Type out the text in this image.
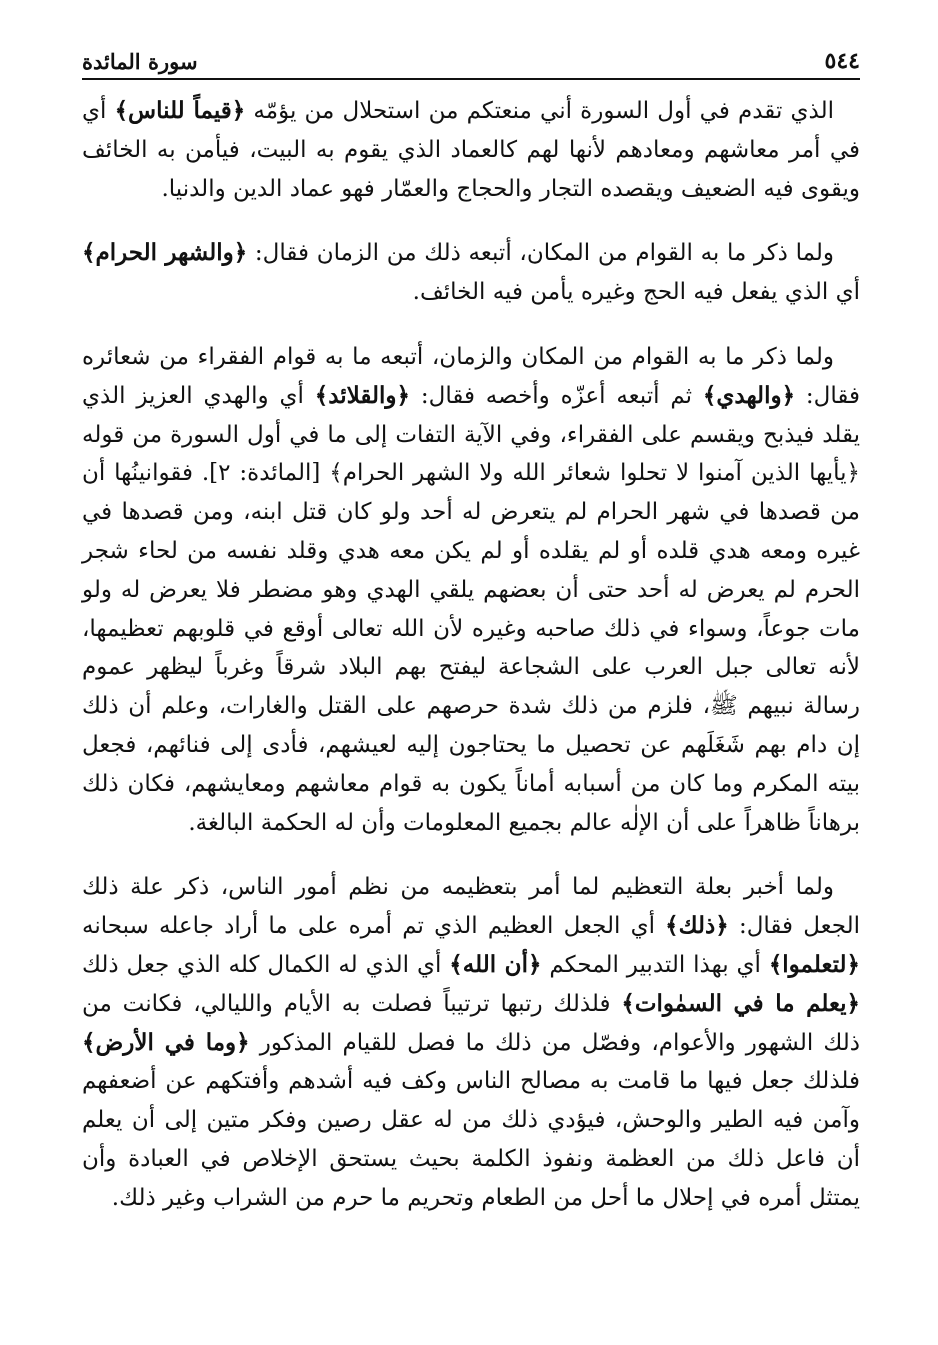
سورة المائدة	٥٤٤

الذي تقدم في أول السورة أني منعتكم من استحلال من يؤمّه ﴿قيماً للناس﴾ أي في أمر معاشهم ومعادهم لأنها لهم كالعماد الذي يقوم به البيت، فيأمن به الخائف ويقوى فيه الضعيف ويقصده التجار والحجاج والعمّار فهو عماد الدين والدنيا.

ولما ذكر ما به القوام من المكان، أتبعه ذلك من الزمان فقال: ﴿والشهر الحرام﴾ أي الذي يفعل فيه الحج وغيره يأمن فيه الخائف.

ولما ذكر ما به القوام من المكان والزمان، أتبعه ما به قوام الفقراء من شعائره فقال: ﴿والهدي﴾ ثم أتبعه أعزّه وأخصه فقال: ﴿والقلائد﴾ أي والهدي العزيز الذي يقلد فيذبح ويقسم على الفقراء، وفي الآية التفات إلى ما في أول السورة من قوله ﴿يأيها الذين آمنوا لا تحلوا شعائر الله ولا الشهر الحرام﴾ [المائدة: ٢]. فقوانينُها أن من قصدها في شهر الحرام لم يتعرض له أحد ولو كان قتل ابنه، ومن قصدها في غيره ومعه هدي قلده أو لم يقلده أو لم يكن معه هدي وقلد نفسه من لحاء شجر الحرم لم يعرض له أحد حتى أن بعضهم يلقي الهدي وهو مضطر فلا يعرض له ولو مات جوعاً، وسواء في ذلك صاحبه وغيره لأن الله تعالى أوقع في قلوبهم تعظيمها، لأنه تعالى جبل العرب على الشجاعة ليفتح بهم البلاد شرقاً وغرباً ليظهر عموم رسالة نبيهم ﷺ، فلزم من ذلك شدة حرصهم على القتل والغارات، وعلم أن ذلك إن دام بهم شَغَلَهم عن تحصيل ما يحتاجون إليه لعيشهم، فأدى إلى فنائهم، فجعل بيته المكرم وما كان من أسبابه أماناً يكون به قوام معاشهم ومعايشهم، فكان ذلك برهاناً ظاهراً على أن الإلٰه عالم بجميع المعلومات وأن له الحكمة البالغة.

ولما أخبر بعلة التعظيم لما أمر بتعظيمه من نظم أمور الناس، ذكر علة ذلك الجعل فقال: ﴿ذلك﴾ أي الجعل العظيم الذي تم أمره على ما أراد جاعله سبحانه ﴿لتعلموا﴾ أي بهذا التدبير المحكم ﴿أن الله﴾ أي الذي له الكمال كله الذي جعل ذلك ﴿يعلم ما في السمٰوات﴾ فلذلك رتبها ترتيباً فصلت به الأيام والليالي، فكانت من ذلك الشهور والأعوام، وفصّل من ذلك ما فصل للقيام المذكور ﴿وما في الأرض﴾ فلذلك جعل فيها ما قامت به مصالح الناس وكف فيه أشدهم وأفتكهم عن أضعفهم وآمن فيه الطير والوحش، فيؤدي ذلك من له عقل رصين وفكر متين إلى أن يعلم أن فاعل ذلك من العظمة ونفوذ الكلمة بحيث يستحق الإخلاص في العبادة وأن يمتثل أمره في إحلال ما أحل من الطعام وتحريم ما حرم من الشراب وغير ذلك.
